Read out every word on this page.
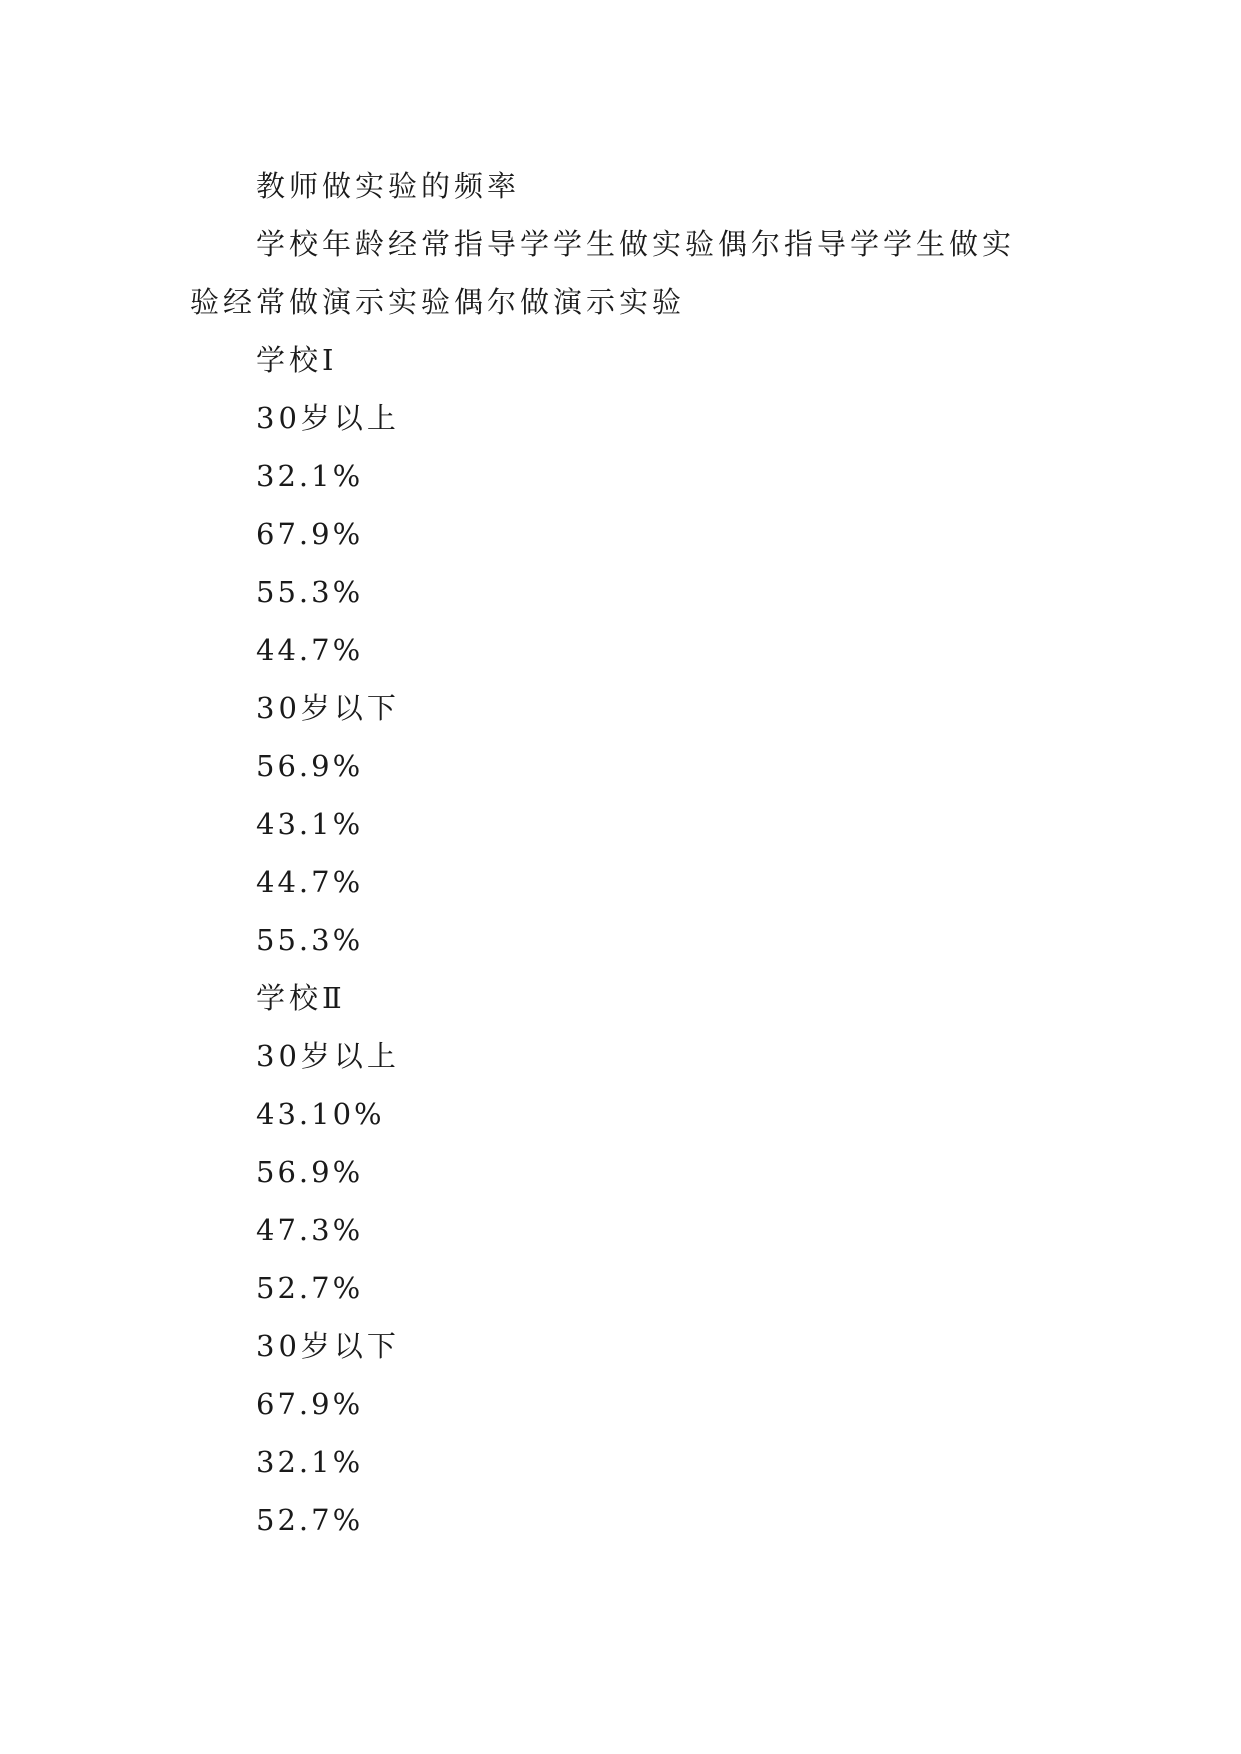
教师做实验的频率
学校年龄经常指导学学生做实验偶尔指导学学生做实
验经常做演示实验偶尔做演示实验
学校Ⅰ
30岁以上
32.1%
67.9%
55.3%
44.7%
30岁以下
56.9%
43.1%
44.7%
55.3%
学校Ⅱ
30岁以上
43.10%
56.9%
47.3%
52.7%
30岁以下
67.9%
32.1%
52.7%
